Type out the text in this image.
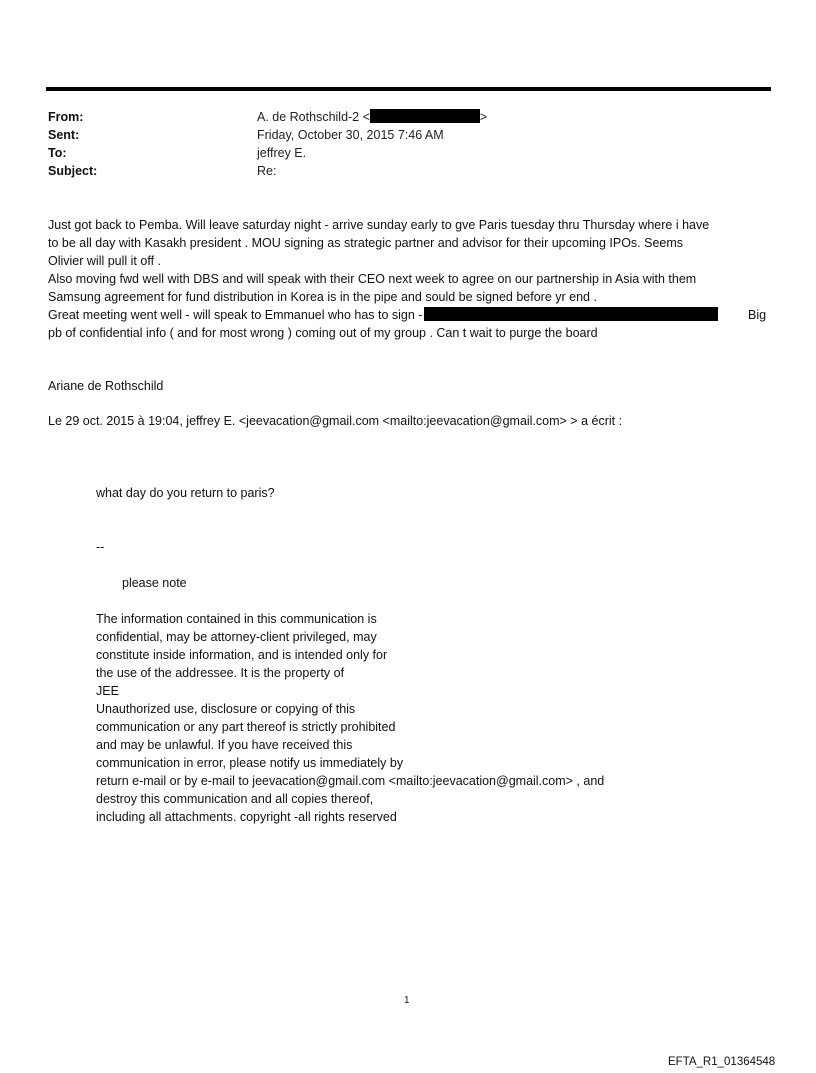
From:	A. de Rothschild-2 <	>
Sent:	Friday, October 30, 2015 7:46 AM
To:	jeffrey E.
Subject:	Re:
Just got back to Pemba. Will leave saturday night - arrive sunday early to gve Paris tuesday thru Thursday where i have
to be all day with Kasakh president . MOU signing as strategic partner and advisor for their upcoming IPOs. Seems
Olivier will pull it off .
Also moving fwd well with DBS and will speak with their CEO next week to agree on our partnership in Asia with them
Samsung agreement for fund distribution in Korea is in the pipe and sould be signed before yr end .
Great meeting went well - will speak to Emmanuel who has to sign -	Big
pb of confidential info ( and for most wrong ) coming out of my group . Can t wait to purge the board
Ariane de Rothschild
Le 29 oct. 2015 à 19:04, jeffrey E. <jeevacation@gmail.com <mailto:jeevacation@gmail.com> > a écrit :
what day do you return to paris?
--
please note
The information contained in this communication is
confidential, may be attorney-client privileged, may
constitute inside information, and is intended only for
the use of the addressee. It is the property of
JEE
Unauthorized use, disclosure or copying of this
communication or any part thereof is strictly prohibited
and may be unlawful. If you have received this
communication in error, please notify us immediately by
return e-mail or by e-mail to jeevacation@gmail.com <mailto:jeevacation@gmail.com> , and
destroy this communication and all copies thereof,
including all attachments. copyright -all rights reserved
1
EFTA_R1_01364548
